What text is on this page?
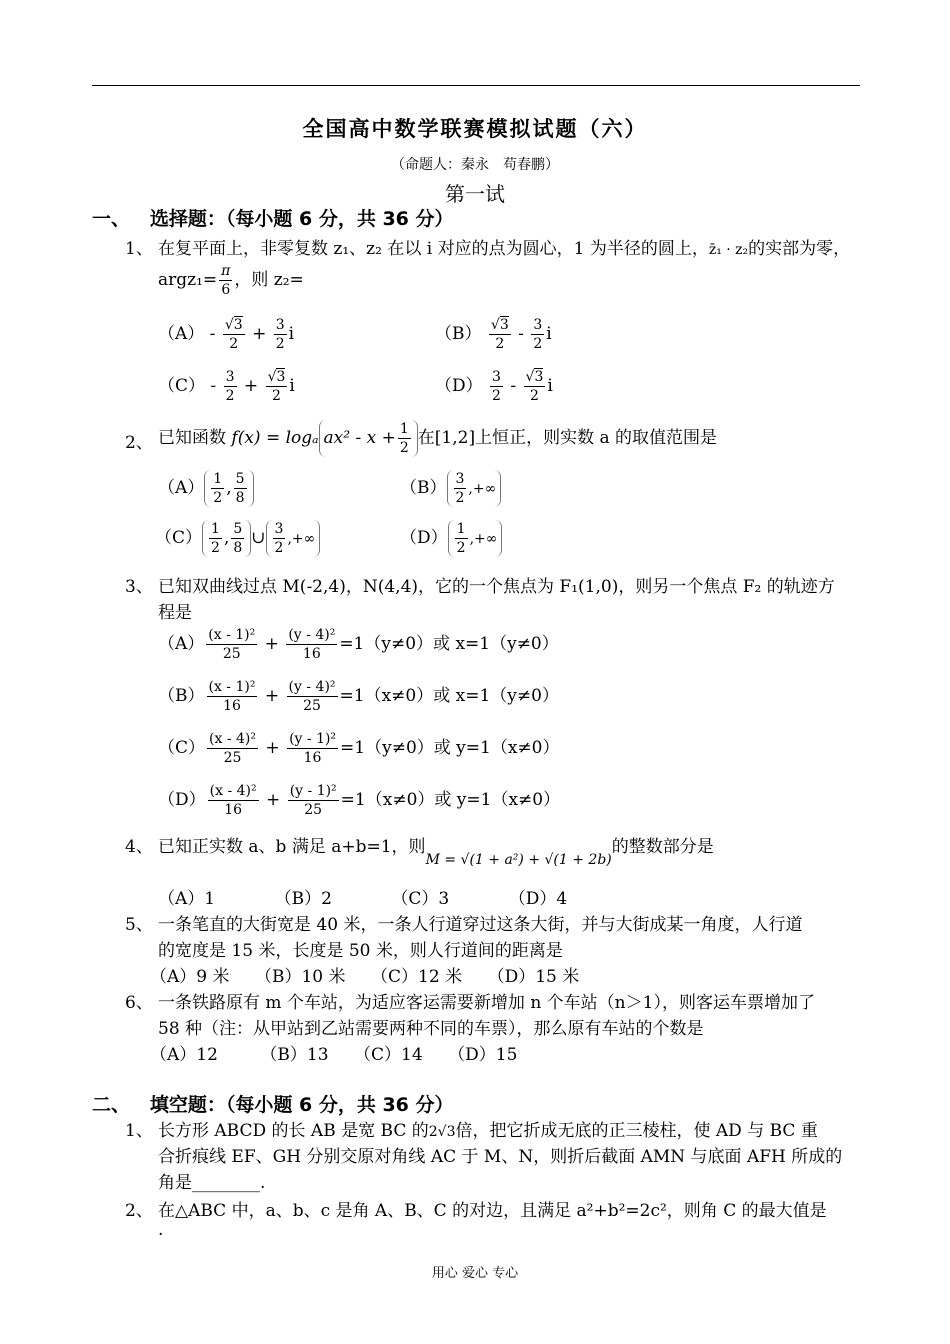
全国高中数学联赛模拟试题（六）
（命题人：秦永　苟春鹏）
第一试
一、 选择题：（每小题 6 分，共 36 分）
1、 在复平面上，非零复数 z₁、z₂ 在以 i 对应的点为圆心，1 为半径的圆上，z̄₁ · z₂的实部为零，
argz₁= $\frac{\pi}{6}$ ，则 z₂=
$(A) - \frac{√3}{2} + \frac{3}{2}$ i	$(B) \frac{√3}{2} - \frac{3}{2}$ i
$(C) - \frac{3}{2} + \frac{√3}{2}$ i	$(D) \frac{3}{2} - \frac{√3}{2}$ i
2、 已知函数 f(x) = logₐ $ax^2 - x + \frac{1}{2}$ 在[1,2]上恒正，则实数 a 的取值范围是
$(A) \frac{1}{2}$ , $\frac{5}{8}$	$(B) \frac{3}{2}$ ,+∞
$(C) \frac{1}{2}$ , $\frac{5}{8}$ ∪ $\frac{3}{2}$ ,+∞	$(D) \frac{1}{2}$ ,+∞
3、 已知双曲线过点 M(-2,4)，N(4,4)，它的一个焦点为 F₁(1,0)，则另一个焦点 F₂ 的轨迹方
程是
$(A) \frac{\text{(x - 1)²}}{25} + \frac{\text{(y - 4)²}}{16} =1(y\ne 0)$或 x=1（y≠0）
$(B) \frac{\text{(x - 1)²}}{16} + \frac{\text{(y - 4)²}}{25} =1(x\ne 0)$或 x=1（y≠0）
$(C) \frac{\text{(x - 4)²}}{25} + \frac{\text{(y - 1)²}}{16} =1(y\ne 0)$或 y=1（x≠0）
$(D) \frac{\text{(x - 4)²}}{16} + \frac{\text{(y - 1)²}}{25} =1(x\ne 0)$或 y=1（x≠0）
4、 已知正实数 a、b 满足 a+b=1，则$_{M = √(1 + a^2) + √(1 + 2b)}$的整数部分是
（A）1　　　　（B）2　　　　（C）3　　　　（D）4
5、 一条笔直的大街宽是 40 米，一条人行道穿过这条大街，并与大街成某一角度，人行道
的宽度是 15 米，长度是 50 米，则人行道间的距离是
（A）9 米　　（B）10 米　　（C）12 米　　（D）15 米
6、 一条铁路原有 m 个车站，为适应客运需要新增加 n 个车站（n＞1），则客运车票增加了
58 种（注：从甲站到乙站需要两种不同的车票），那么原有车站的个数是
（A）12　　　（B）13　　（C）14　　（D）15
二、 填空题：（每小题 6 分，共 36 分）
1、 长方形 ABCD 的长 AB 是宽 BC 的2√3倍，把它折成无底的正三棱柱，使 AD 与 BC 重
合折痕线 EF、GH 分别交原对角线 AC 于 M、N，则折后截面 AMN 与底面 AFH 所成的
角是________.
2、 在△ABC 中，a、b、c 是角 A、B、C 的对边，且满足 a²+b²=2c²，则角 C 的最大值是
.
用心 爱心 专心
